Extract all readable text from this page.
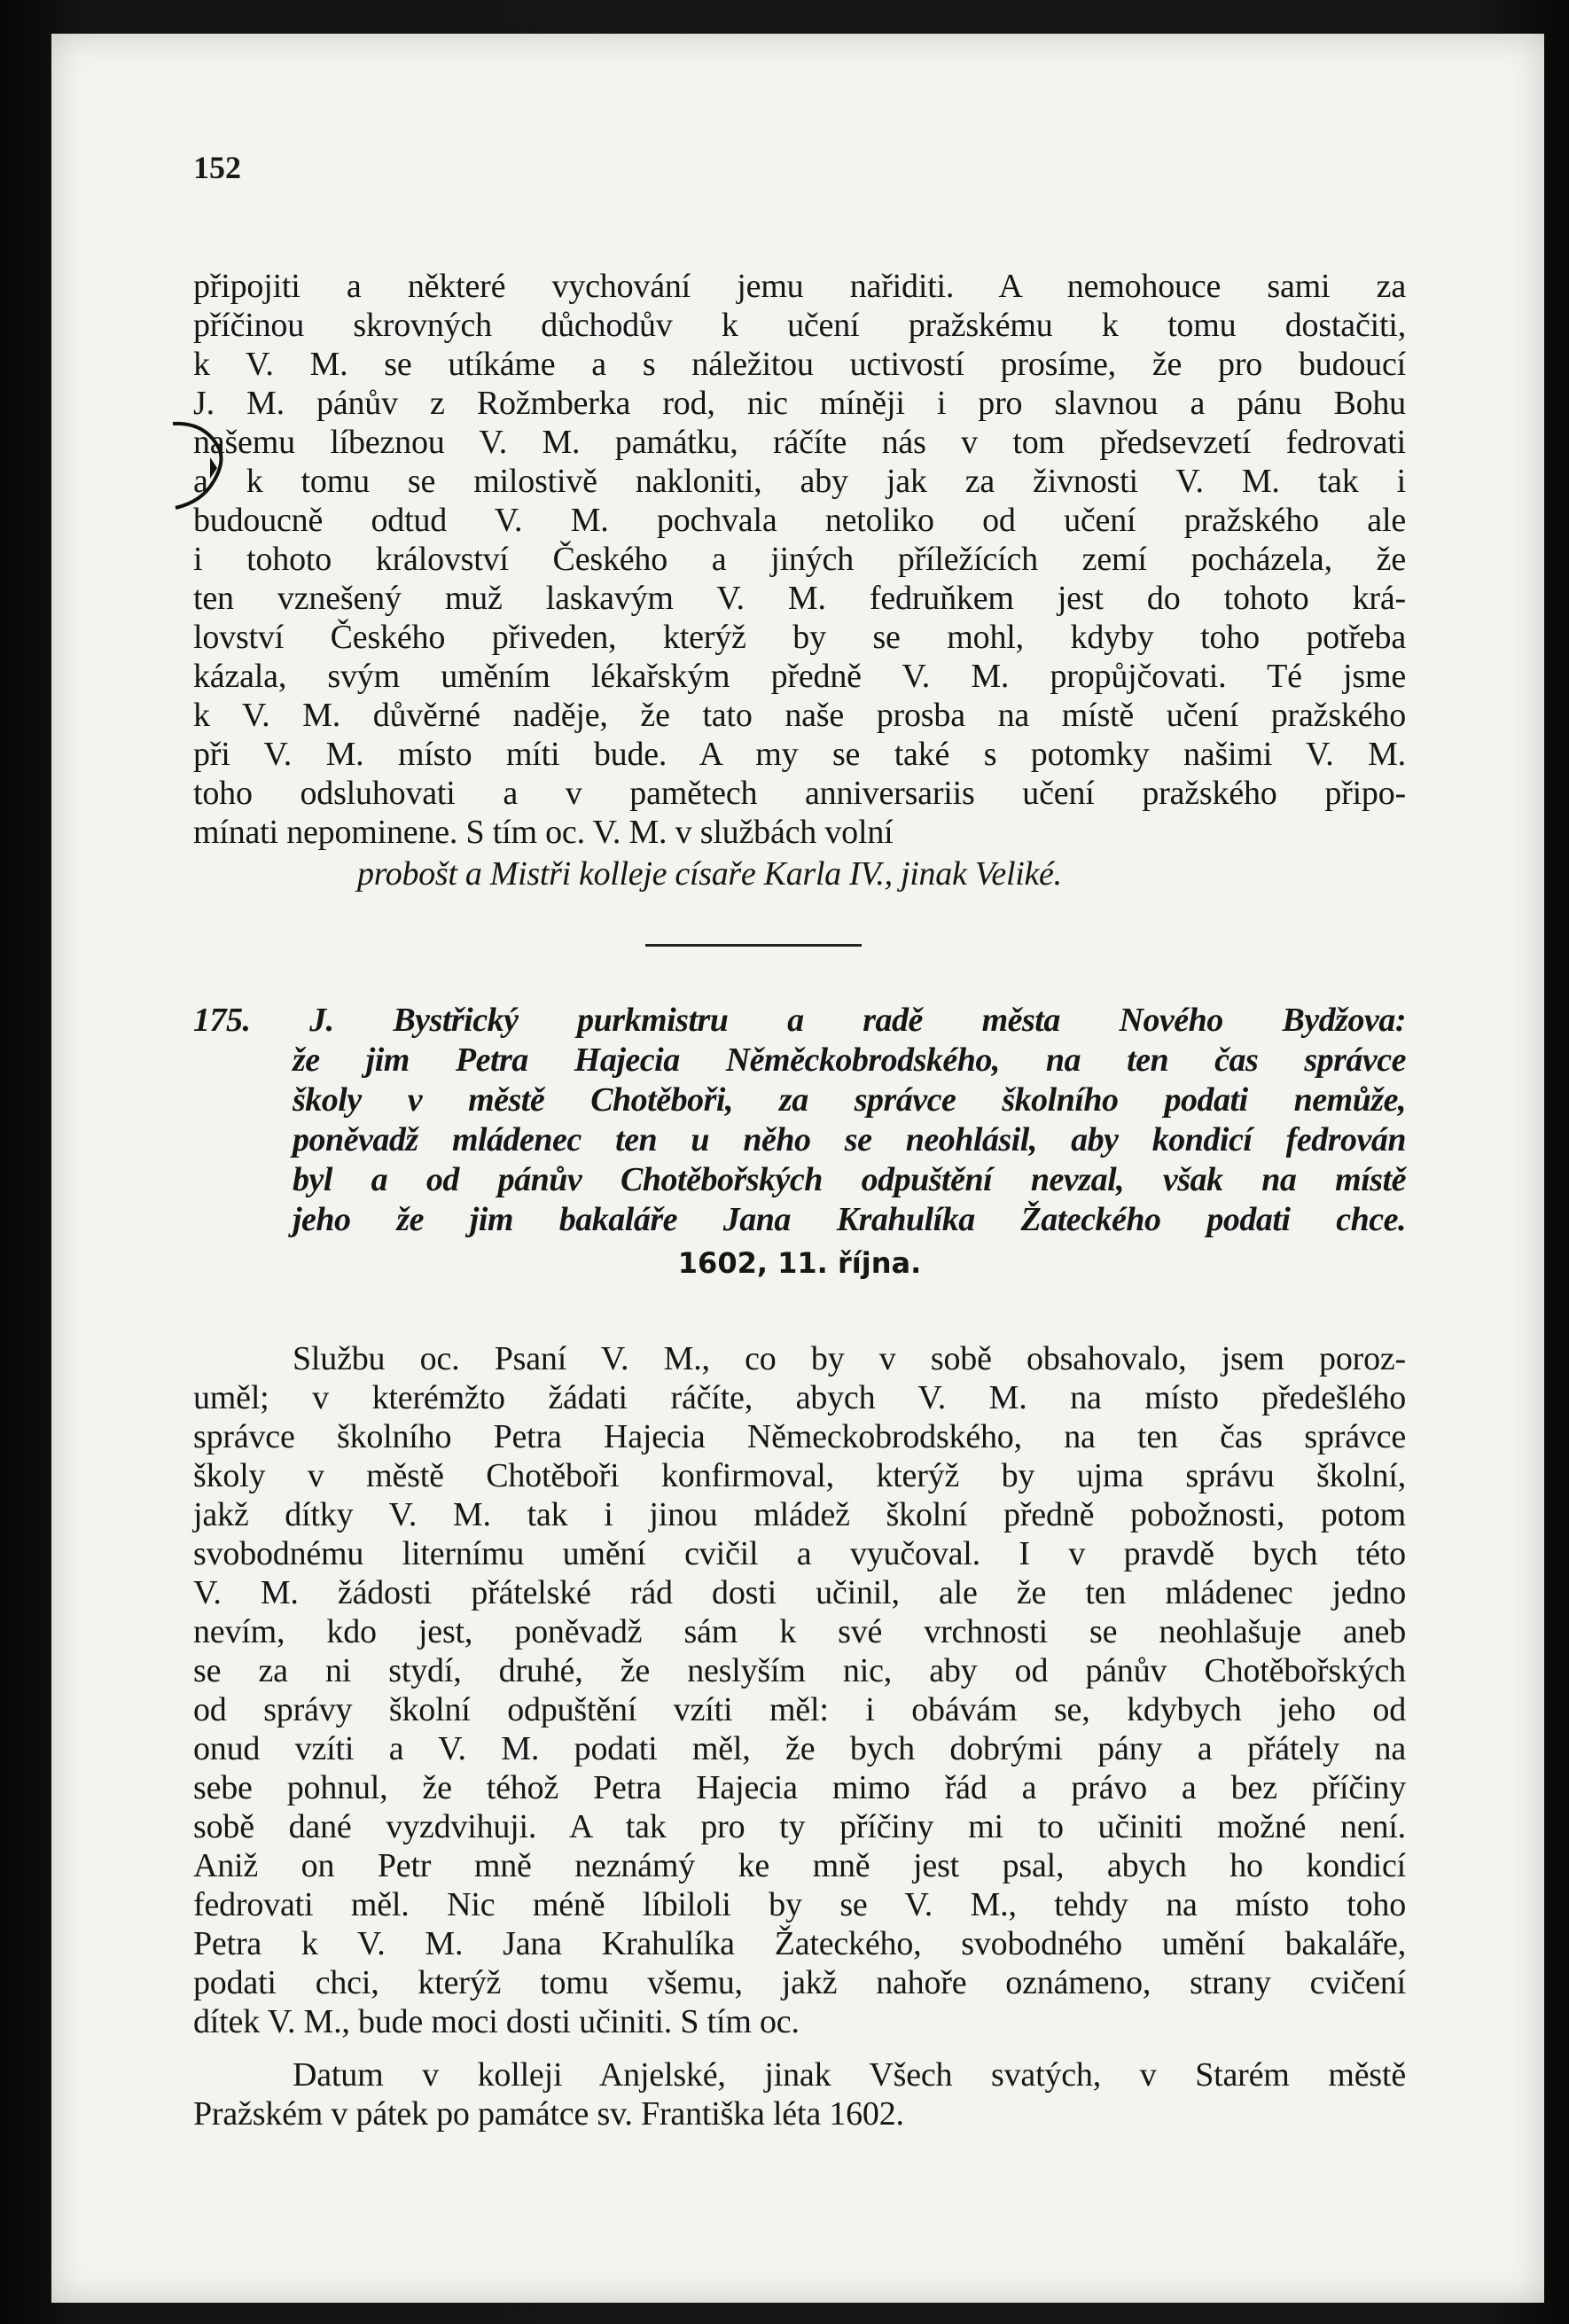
152
připojiti a některé vychování jemu nařiditi. A nemohouce sami za
příčinou skrovných důchodův k učení pražskému k tomu dostačiti,
k V. M. se utíkáme a s náležitou uctivostí prosíme, že pro budoucí
J. M. pánův z Rožmberka rod, nic míněji i pro slavnou a pánu Bohu
našemu líbeznou V. M. památku, ráčíte nás v tom předsevzetí fedrovati
a k tomu se milostivě nakloniti, aby jak za živnosti V. M. tak i
budoucně odtud V. M. pochvala netoliko od učení pražského ale
i tohoto království Českého a jiných příležících zemí pocházela, že
ten vznešený muž laskavým V. M. fedruňkem jest do tohoto krá-
lovství Českého přiveden, kterýž by se mohl, kdyby toho potřeba
kázala, svým uměním lékařským předně V. M. propůjčovati. Té jsme
k V. M. důvěrné naděje, že tato naše prosba na místě učení pražského
při V. M. místo míti bude. A my se také s potomky našimi V. M.
toho odsluhovati a v pamětech anniversariis učení pražského připo-
mínati nepominene. S tím oc. V. M. v službách volní
probošt a Mistři kolleje císaře Karla IV., jinak Veliké.
175. J. Bystřický purkmistru a radě města Nového Bydžova:
že jim Petra Hajecia Něměckobrodského, na ten čas správce
školy v městě Chotěboři, za správce školního podati nemůže,
poněvadž mládenec ten u něho se neohlásil, aby kondicí fedrován
byl a od pánův Chotěbořských odpuštění nevzal, však na místě
jeho že jim bakaláře Jana Krahulíka Žateckého podati chce.
1602, 11. října.
Službu oc. Psaní V. M., co by v sobě obsahovalo, jsem poroz-
uměl; v kterémžto žádati ráčíte, abych V. M. na místo předešlého
správce školního Petra Hajecia Německobrodského, na ten čas správce
školy v městě Chotěboři konfirmoval, kterýž by ujma správu školní,
jakž dítky V. M. tak i jinou mládež školní předně pobožnosti, potom
svobodnému liternímu umění cvičil a vyučoval. I v pravdě bych této
V. M. žádosti přátelské rád dosti učinil, ale že ten mládenec jedno
nevím, kdo jest, poněvadž sám k své vrchnosti se neohlašuje aneb
se za ni stydí, druhé, že neslyším nic, aby od pánův Chotěbořských
od správy školní odpuštění vzíti měl: i obávám se, kdybych jeho od
onud vzíti a V. M. podati měl, že bych dobrými pány a přátely na
sebe pohnul, že téhož Petra Hajecia mimo řád a právo a bez příčiny
sobě dané vyzdvihuji. A tak pro ty příčiny mi to učiniti možné není.
Aniž on Petr mně neznámý ke mně jest psal, abych ho kondicí
fedrovati měl. Nic méně líbiloli by se V. M., tehdy na místo toho
Petra k V. M. Jana Krahulíka Žateckého, svobodného umění bakaláře,
podati chci, kterýž tomu všemu, jakž nahoře oznámeno, strany cvičení
dítek V. M., bude moci dosti učiniti. S tím oc.
Datum v kolleji Anjelské, jinak Všech svatých, v Starém městě
Pražském v pátek po památce sv. Františka léta 1602.
